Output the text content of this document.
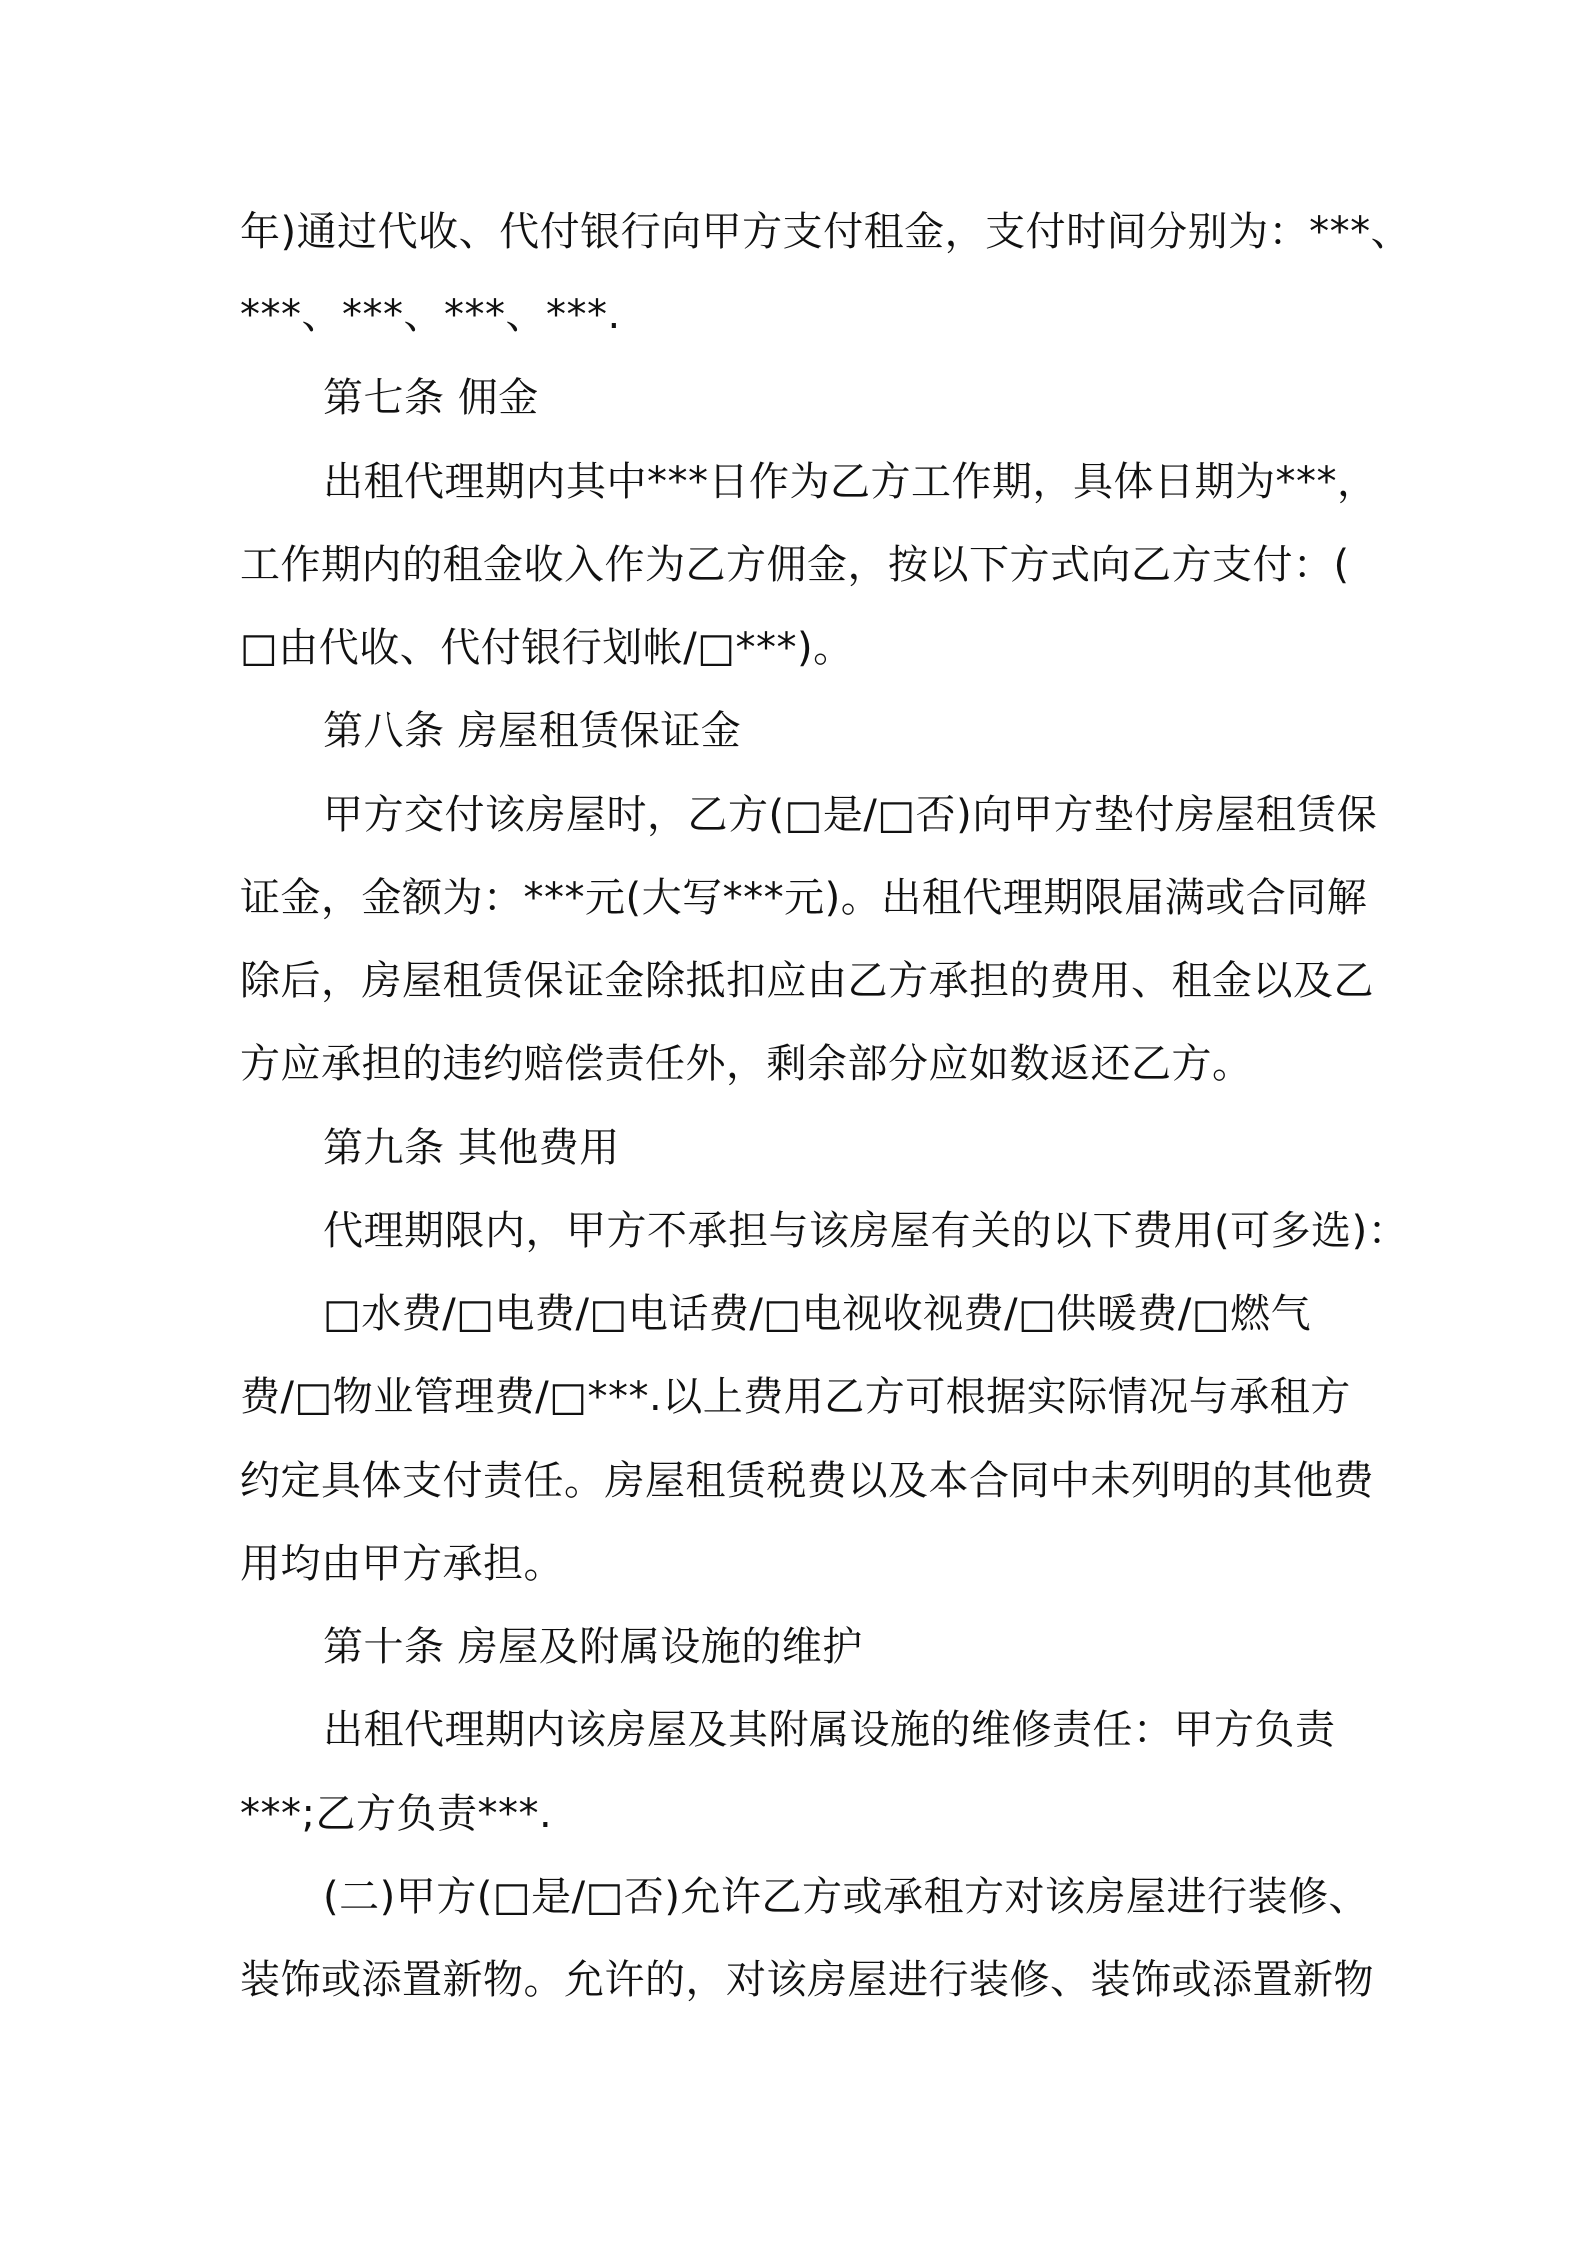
年)通过代收、代付银行向甲方支付租金，支付时间分别为：***、
***、***、***、***.
第七条 佣金
出租代理期内其中***日作为乙方工作期，具体日期为***，
工作期内的租金收入作为乙方佣金，按以下方式向乙方支付：(
□由代收、代付银行划帐/□***)。
第八条 房屋租赁保证金
甲方交付该房屋时，乙方(□是/□否)向甲方垫付房屋租赁保
证金，金额为：***元(大写***元)。出租代理期限届满或合同解
除后，房屋租赁保证金除抵扣应由乙方承担的费用、租金以及乙
方应承担的违约赔偿责任外，剩余部分应如数返还乙方。
第九条 其他费用
代理期限内，甲方不承担与该房屋有关的以下费用(可多选)：
□水费/□电费/□电话费/□电视收视费/□供暖费/□燃气
费/□物业管理费/□***.以上费用乙方可根据实际情况与承租方
约定具体支付责任。房屋租赁税费以及本合同中未列明的其他费
用均由甲方承担。
第十条 房屋及附属设施的维护
出租代理期内该房屋及其附属设施的维修责任：甲方负责
***;乙方负责***.
(二)甲方(□是/□否)允许乙方或承租方对该房屋进行装修、
装饰或添置新物。允许的，对该房屋进行装修、装饰或添置新物
